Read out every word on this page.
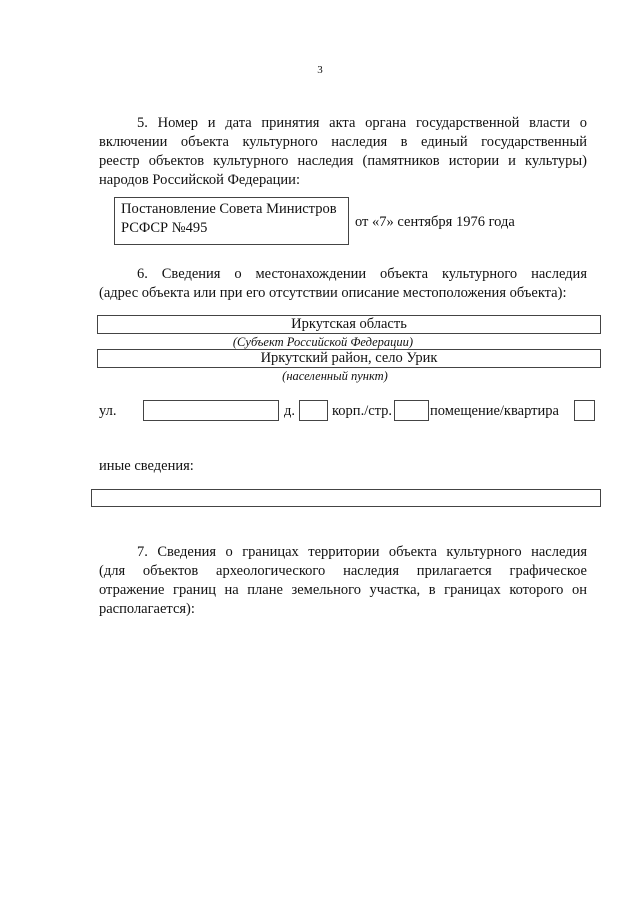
3
5. Номер и дата принятия акта органа государственной власти о
включении объекта культурного наследия в единый государственный
реестр объектов культурного наследия (памятников истории и культуры)
народов Российской Федерации:
Постановление Совета Министров
РСФСР №495	от «7» сентября 1976 года
6. Сведения о местонахождении объекта культурного наследия
(адрес объекта или при его отсутствии описание местоположения объекта):
Иркутская область
(Субъект Российской Федерации)
Иркутский район, село Урик
(населенный пункт)
ул.	д.	корп./стр.	помещение/квартира
иные сведения:
7. Сведения о границах территории объекта культурного наследия
(для объектов археологического наследия прилагается графическое
отражение границ на плане земельного участка, в границах которого он
располагается):
